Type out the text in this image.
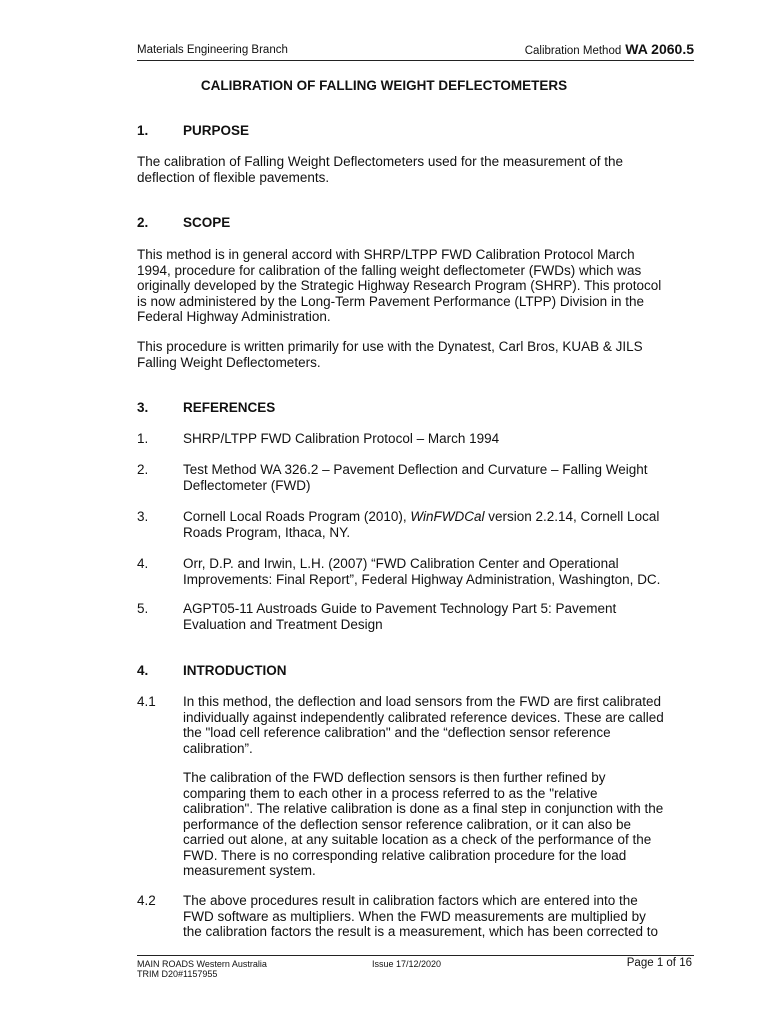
Materials Engineering Branch	Calibration Method WA 2060.5
CALIBRATION OF FALLING WEIGHT DEFLECTOMETERS
1.	PURPOSE
The calibration of Falling Weight Deflectometers used for the measurement of the
deflection of flexible pavements.
2.	SCOPE
This method is in general accord with SHRP/LTPP FWD Calibration Protocol March
1994, procedure for calibration of the falling weight deflectometer (FWDs) which was
originally developed by the Strategic Highway Research Program (SHRP). This protocol
is now administered by the Long-Term Pavement Performance (LTPP) Division in the
Federal Highway Administration.
This procedure is written primarily for use with the Dynatest, Carl Bros, KUAB & JILS
Falling Weight Deflectometers.
3.	REFERENCES
1.	SHRP/LTPP FWD Calibration Protocol – March 1994
2.	Test Method WA 326.2 – Pavement Deflection and Curvature – Falling Weight
Deflectometer (FWD)
3.	Cornell Local Roads Program (2010), WinFWDCal version 2.2.14, Cornell Local
Roads Program, Ithaca, NY.
4.	Orr, D.P. and Irwin, L.H. (2007) “FWD Calibration Center and Operational
Improvements: Final Report”, Federal Highway Administration, Washington, DC.
5.	AGPT05-11 Austroads Guide to Pavement Technology Part 5: Pavement
Evaluation and Treatment Design
4.	INTRODUCTION
4.1 In this method, the deflection and load sensors from the FWD are first calibrated
individually against independently calibrated reference devices. These are called
the "load cell reference calibration" and the “deflection sensor reference
calibration”.
The calibration of the FWD deflection sensors is then further refined by
comparing them to each other in a process referred to as the "relative
calibration". The relative calibration is done as a final step in conjunction with the
performance of the deflection sensor reference calibration, or it can also be
carried out alone, at any suitable location as a check of the performance of the
FWD. There is no corresponding relative calibration procedure for the load
measurement system.
4.2 The above procedures result in calibration factors which are entered into the
FWD software as multipliers. When the FWD measurements are multiplied by
the calibration factors the result is a measurement, which has been corrected to
MAIN ROADS Western Australia
TRIM D20#1157955
Issue 17/12/2020	Page 1 of 16
